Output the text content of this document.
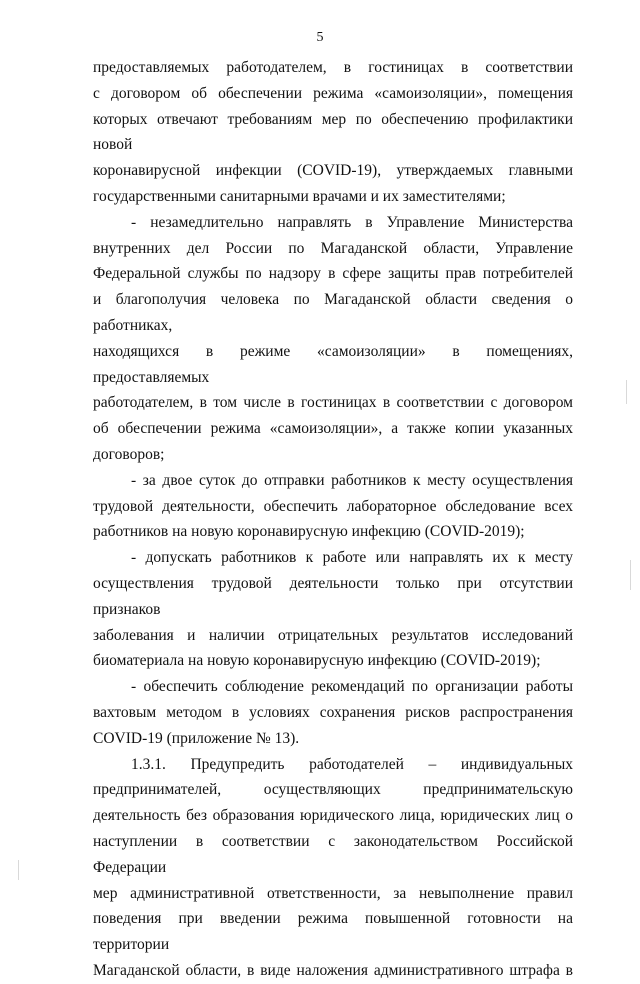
5

предоставляемых работодателем, в гостиницах в соответствии

с договором об обеспечении режима «самоизоляции», помещения

которых отвечают требованиям мер по обеспечению профилактики новой

коронавирусной инфекции (COVID-19), утверждаемых главными

государственными санитарными врачами и их заместителями;

- незамедлительно направлять в Управление Министерства

внутренних дел России по Магаданской области, Управление

Федеральной службы по надзору в сфере защиты прав потребителей

и благополучия человека по Магаданской области сведения о работниках,

находящихся в режиме «самоизоляции» в помещениях, предоставляемых

работодателем, в том числе в гостиницах в соответствии с договором

об обеспечении режима «самоизоляции», а также копии указанных

договоров;

- за двое суток до отправки работников к месту осуществления

трудовой деятельности, обеспечить лабораторное обследование всех

работников на новую коронавирусную инфекцию (COVID-2019);

- допускать работников к работе или направлять их к месту

осуществления трудовой деятельности только при отсутствии признаков

заболевания и наличии отрицательных результатов исследований

биоматериала на новую коронавирусную инфекцию (COVID-2019);

- обеспечить соблюдение рекомендаций по организации работы

вахтовым методом в условиях сохранения рисков распространения

COVID-19 (приложение № 13).

1.3.1. Предупредить работодателей – индивидуальных

предпринимателей, осуществляющих предпринимательскую

деятельность без образования юридического лица, юридических лиц о

наступлении в соответствии с законодательством Российской Федерации

мер административной ответственности, за невыполнение правил

поведения при введении режима повышенной готовности на территории

Магаданской области, в виде наложения административного штрафа в
